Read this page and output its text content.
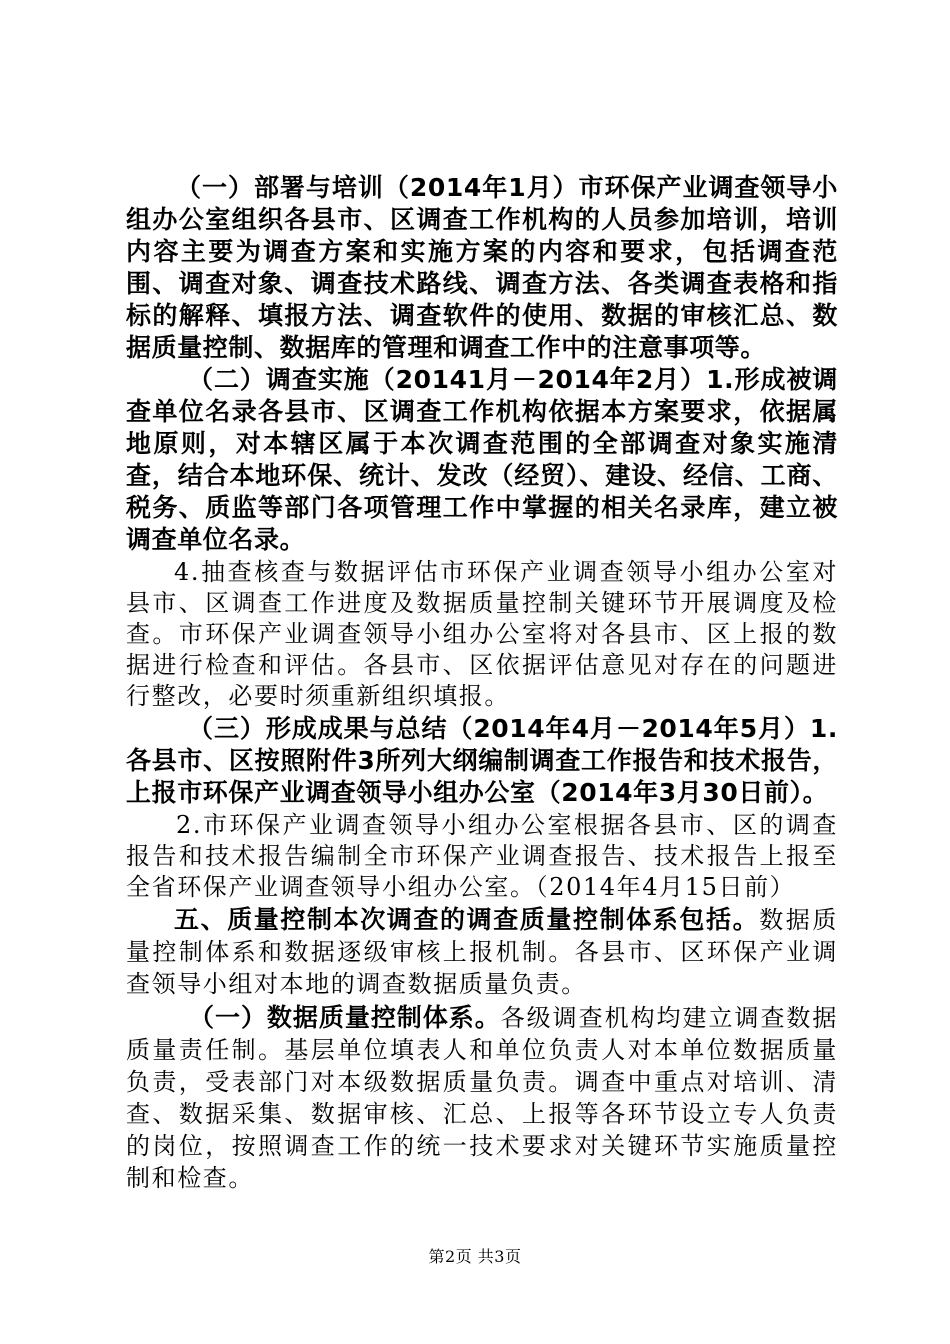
（一）部署与培训（2014年1月）市环保产业调查领导小组办公室组织各县市、区调查工作机构的人员参加培训，培训内容主要为调查方案和实施方案的内容和要求，包括调查范围、调查对象、调查技术路线、调查方法、各类调查表格和指标的解释、填报方法、调查软件的使用、数据的审核汇总、数据质量控制、数据库的管理和调查工作中的注意事项等。

（二）调查实施（20141月－2014年2月）1.形成被调查单位名录各县市、区调查工作机构依据本方案要求，依据属地原则，对本辖区属于本次调查范围的全部调查对象实施清查，结合本地环保、统计、发改（经贸）、建设、经信、工商、税务、质监等部门各项管理工作中掌握的相关名录库，建立被调查单位名录。

4.抽查核查与数据评估市环保产业调查领导小组办公室对县市、区调查工作进度及数据质量控制关键环节开展调度及检查。市环保产业调查领导小组办公室将对各县市、区上报的数据进行检查和评估。各县市、区依据评估意见对存在的问题进行整改，必要时须重新组织填报。

（三）形成成果与总结（2014年4月－2014年5月）1.各县市、区按照附件3所列大纲编制调查工作报告和技术报告，上报市环保产业调查领导小组办公室（2014年3月30日前）。

2.市环保产业调查领导小组办公室根据各县市、区的调查报告和技术报告编制全市环保产业调查报告、技术报告上报至全省环保产业调查领导小组办公室。（2014年4月15日前）

五、质量控制本次调查的调查质量控制体系包括。数据质量控制体系和数据逐级审核上报机制。各县市、区环保产业调查领导小组对本地的调查数据质量负责。

（一）数据质量控制体系。各级调查机构均建立调查数据质量责任制。基层单位填表人和单位负责人对本单位数据质量负责，受表部门对本级数据质量负责。调查中重点对培训、清查、数据采集、数据审核、汇总、上报等各环节设立专人负责的岗位，按照调查工作的统一技术要求对关键环节实施质量控制和检查。

第2页 共3页
